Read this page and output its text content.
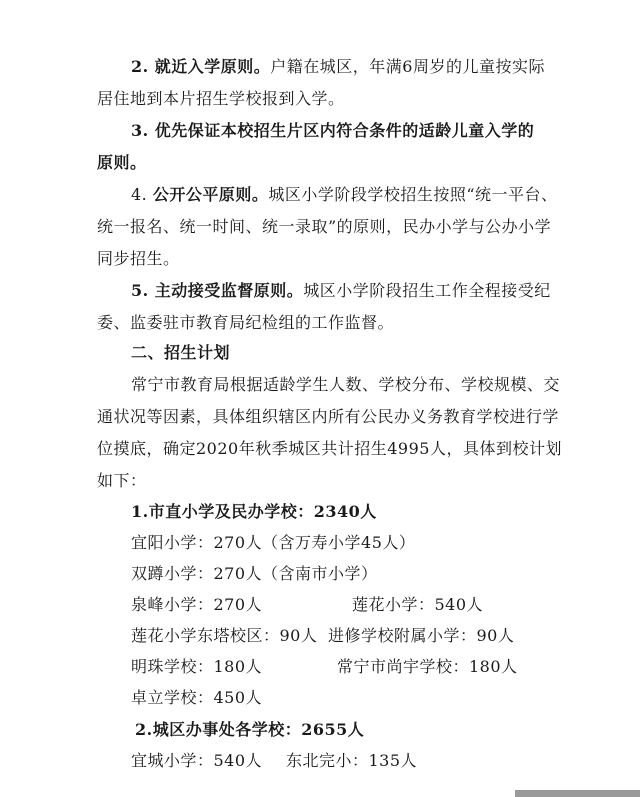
2. 就近入学原则。户籍在城区，年满6周岁的儿童按实际
居住地到本片招生学校报到入学。
3. 优先保证本校招生片区内符合条件的适龄儿童入学的
原则。
4. 公开公平原则。城区小学阶段学校招生按照“统一平台、
统一报名、统一时间、统一录取”的原则，民办小学与公办小学
同步招生。
5. 主动接受监督原则。城区小学阶段招生工作全程接受纪
委、监委驻市教育局纪检组的工作监督。
二、招生计划
常宁市教育局根据适龄学生人数、学校分布、学校规模、交
通状况等因素，具体组织辖区内所有公民办义务教育学校进行学
位摸底，确定2020年秋季城区共计招生4995人，具体到校计划
如下：
1.市直小学及民办学校：2340人
宜阳小学：270人（含万寿小学45人）
双蹲小学：270人（含南市小学）
泉峰小学：270人	莲花小学：540人
莲花小学东塔校区：90人 进修学校附属小学：90人
明珠学校：180人	常宁市尚宇学校：180人
卓立学校：450人
2.城区办事处各学校：2655人
宜城小学：540人 东北完小：135人
